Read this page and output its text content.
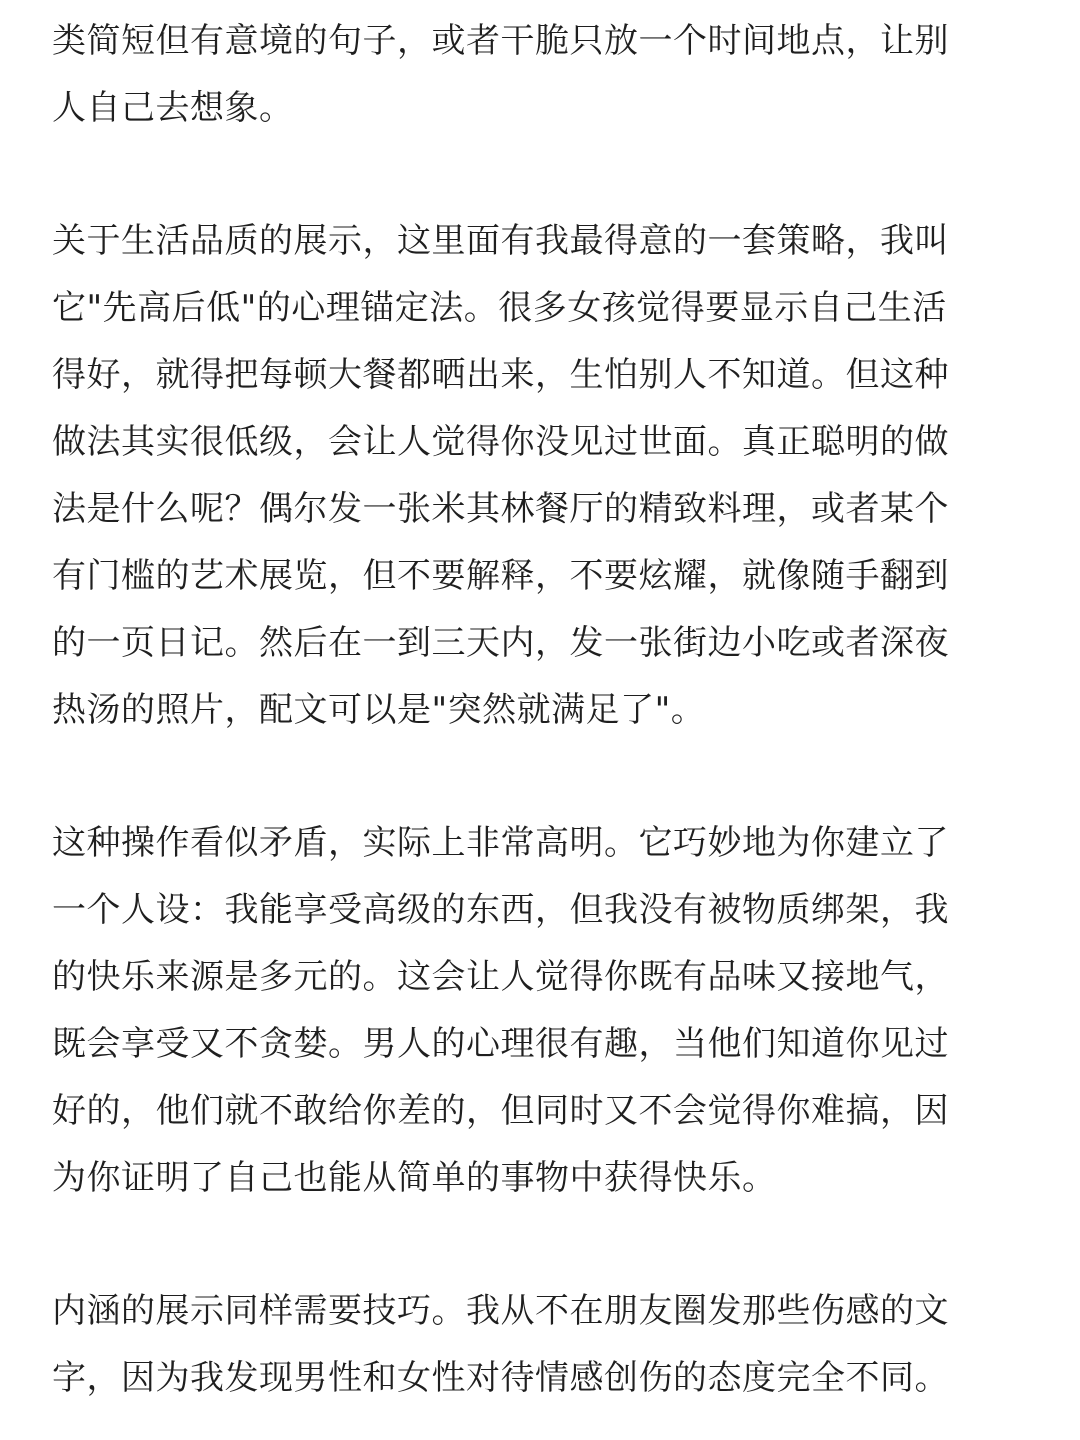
类简短但有意境的句子，或者干脆只放一个时间地点，让别
人自己去想象。

关于生活品质的展示，这里面有我最得意的一套策略，我叫
它"先高后低"的心理锚定法。很多女孩觉得要显示自己生活
得好，就得把每顿大餐都晒出来，生怕别人不知道。但这种
做法其实很低级，会让人觉得你没见过世面。真正聪明的做
法是什么呢？偶尔发一张米其林餐厅的精致料理，或者某个
有门槛的艺术展览，但不要解释，不要炫耀，就像随手翻到
的一页日记。然后在一到三天内，发一张街边小吃或者深夜
热汤的照片，配文可以是"突然就满足了"。

这种操作看似矛盾，实际上非常高明。它巧妙地为你建立了
一个人设：我能享受高级的东西，但我没有被物质绑架，我
的快乐来源是多元的。这会让人觉得你既有品味又接地气，
既会享受又不贪婪。男人的心理很有趣，当他们知道你见过
好的，他们就不敢给你差的，但同时又不会觉得你难搞，因
为你证明了自己也能从简单的事物中获得快乐。

内涵的展示同样需要技巧。我从不在朋友圈发那些伤感的文
字，因为我发现男性和女性对待情感创伤的态度完全不同。
